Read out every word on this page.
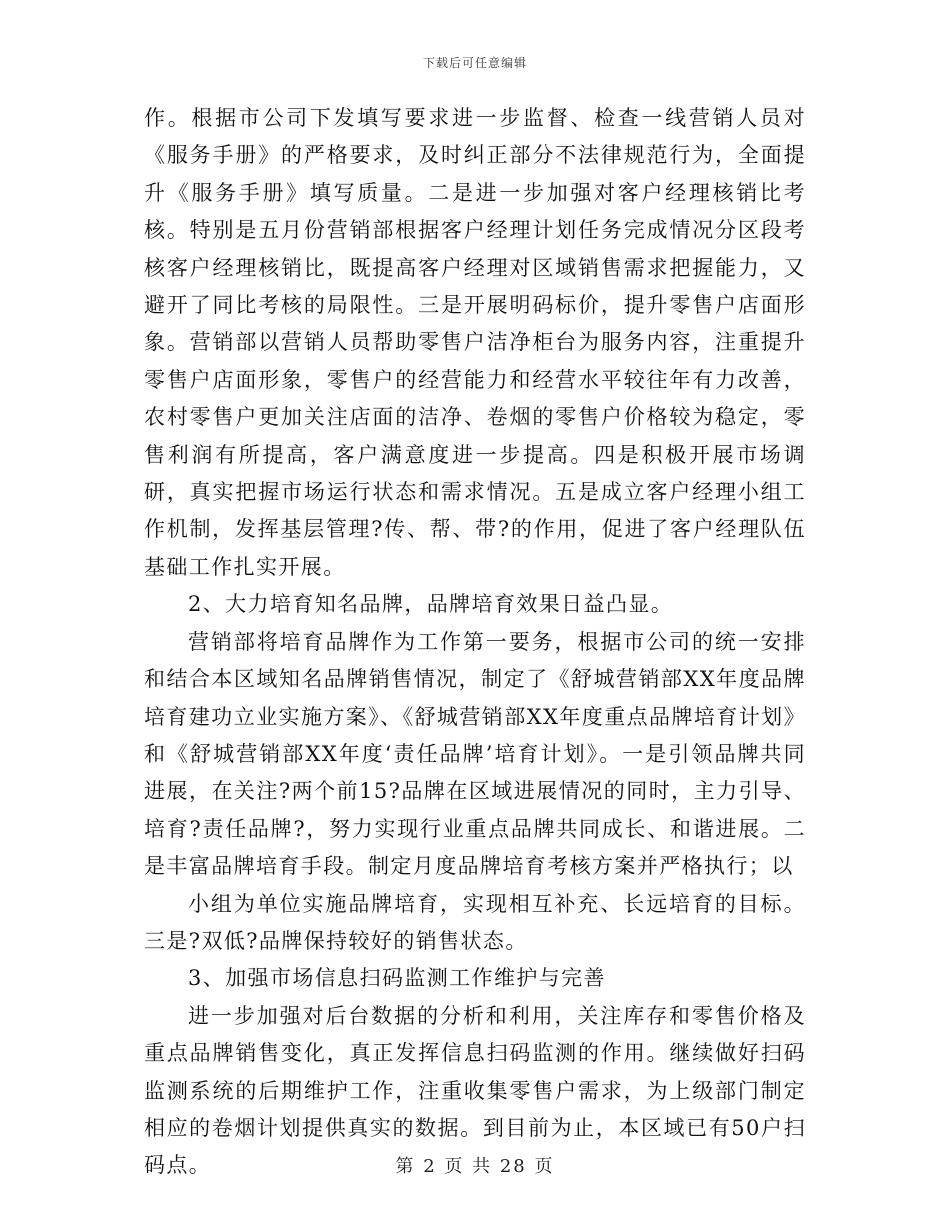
下载后可任意编辑

作。根据市公司下发填写要求进一步监督、检查一线营销人员对《服务手册》的严格要求，及时纠正部分不法律规范行为，全面提升《服务手册》填写质量。二是进一步加强对客户经理核销比考核。特别是五月份营销部根据客户经理计划任务完成情况分区段考核客户经理核销比，既提高客户经理对区域销售需求把握能力，又避开了同比考核的局限性。三是开展明码标价，提升零售户店面形象。营销部以营销人员帮助零售户洁净柜台为服务内容，注重提升零售户店面形象，零售户的经营能力和经营水平较往年有力改善，农村零售户更加关注店面的洁净、卷烟的零售户价格较为稳定，零售利润有所提高，客户满意度进一步提高。四是积极开展市场调研，真实把握市场运行状态和需求情况。五是成立客户经理小组工作机制，发挥基层管理?传、帮、带?的作用，促进了客户经理队伍基础工作扎实开展。

2、大力培育知名品牌，品牌培育效果日益凸显。

营销部将培育品牌作为工作第一要务，根据市公司的统一安排和结合本区域知名品牌销售情况，制定了《舒城营销部XX年度品牌培育建功立业实施方案》、《舒城营销部XX年度重点品牌培育计划》和《舒城营销部XX年度‘责任品牌’培育计划》。一是引领品牌共同进展，在关注?两个前15?品牌在区域进展情况的同时，主力引导、培育?责任品牌?，努力实现行业重点品牌共同成长、和谐进展。二是丰富品牌培育手段。制定月度品牌培育考核方案并严格执行；以

小组为单位实施品牌培育，实现相互补充、长远培育的目标。三是?双低?品牌保持较好的销售状态。

3、加强市场信息扫码监测工作维护与完善

进一步加强对后台数据的分析和利用，关注库存和零售价格及重点品牌销售变化，真正发挥信息扫码监测的作用。继续做好扫码监测系统的后期维护工作，注重收集零售户需求，为上级部门制定相应的卷烟计划提供真实的数据。到目前为止，本区域已有50户扫码点。	第 2 页 共 28 页
